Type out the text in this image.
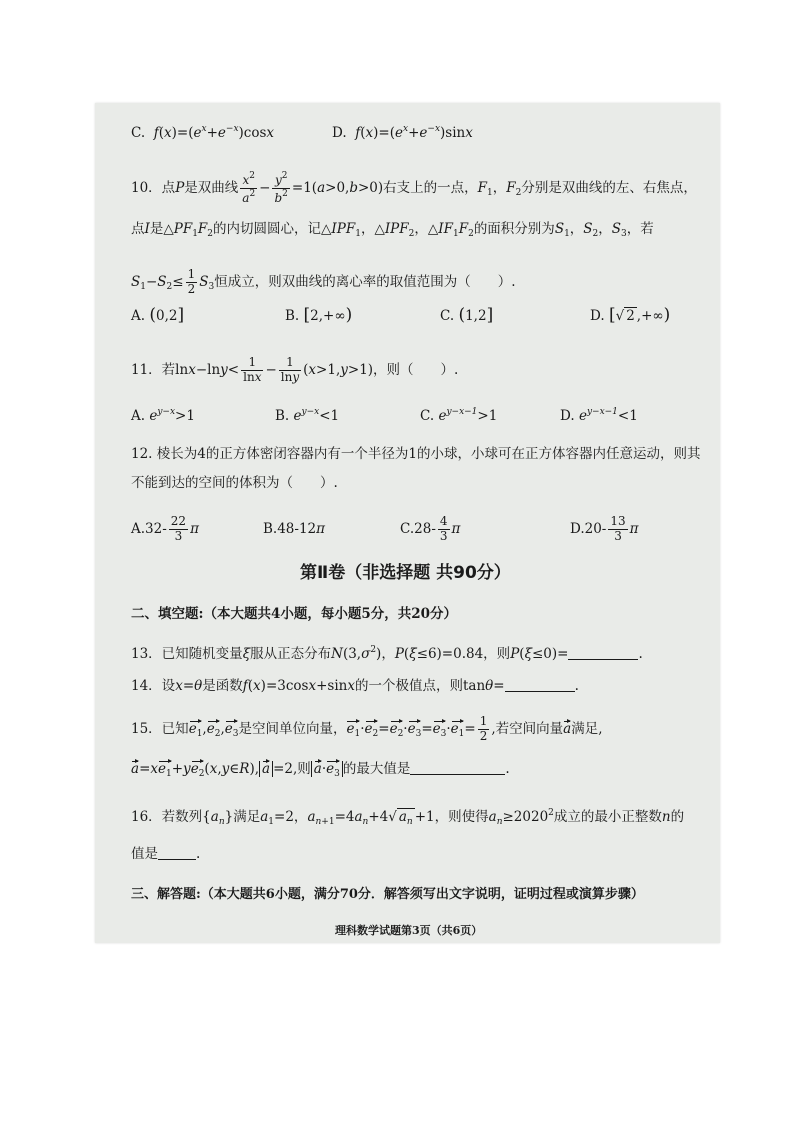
C. $f(x)=(e^x+e^{-x})\cos x$	D. $f(x)=(e^x+e^{-x})\sin x$
10．点P是双曲线 $\frac{x^2}{a^2} - \frac{y^2}{b^2} =1(a>0,b>0)$右支上的一点，$F_1$，$F_2$分别是双曲线的左、右焦点，
点I是$\triangle PF_1F_2$的内切圆圆心，记$\triangle IPF_1$，$\triangle IPF_2$，$\triangle IF_1F_2$的面积分别为$S_1$，$S_2$，$S_3$，若
$S_1-S_2\le \frac{1}{2} S_3$恒成立，则双曲线的离心率的取值范围为（　　）.
A. (0,2]	B. [2,+∞)	C. (1,2]	D. [√ 2 ,+∞)
11．若$\ln x-\ln y< \frac{1}{\ln x} - \frac{1}{\ln y} (x>1,y>1)$，则（　　）.
A. $e^{y-x}>1$	B. $e^{y-x}<1$	C. $e^{y-x-1}>1$	D. $e^{y-x-1}<1$
12. 棱长为4的正方体密闭容器内有一个半径为1的小球，小球可在正方体容器内任意运动，则其
不能到达的空间的体积为（　　）.
$A.32- \frac{22}{3}$ π	B.48-12π	$C.28- \frac{4}{3}$ π	$D.20- \frac{13}{3}$ π
第Ⅱ卷（非选择题 共90分）
二、填空题:（本大题共4小题，每小题5分，共20分）
13．已知随机变量ξ服从正态分布$N(3,\sigma^2)$，P(ξ≤6)=0.84，则P(ξ≤0)=	.
14．设x=θ是函数f(x)=3cosx+sinx的一个极值点，则tanθ=	.
15．已知$e_1,e_2,e_3$是空间单位向量，$e_1\cdot e_2=e_2\cdot e_3=e_3\cdot e_1= \frac{1}{2}$ ,若空间向量a满足,
$a=xe_1+ye_2(x,y\in R)$, a =2,则 $a\cdot e_3$ 的最大值是	.
16．若数列$\{a_n\}$满足$a_1=2$，$a_{n+1}=4a_n+4√$ $a_n +1$，则使得$a_n\ge 2020^2$成立的最小正整数n的
值是	.
三、解答题:（本大题共6小题，满分70分．解答须写出文字说明，证明过程或演算步骤）
理科数学试题第3页（共6页）
